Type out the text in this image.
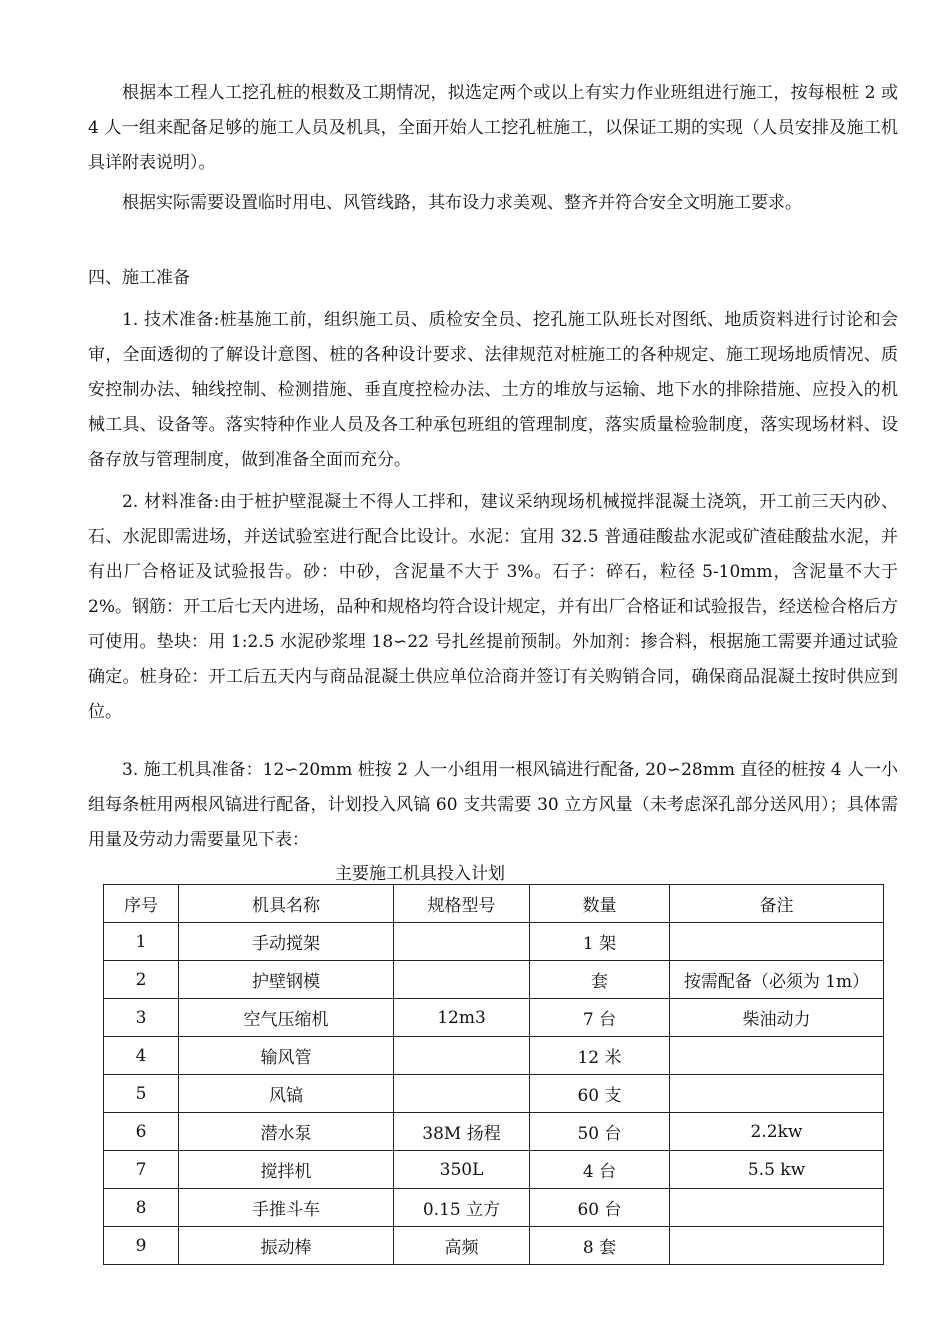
根据本工程人工挖孔桩的根数及工期情况，拟选定两个或以上有实力作业班组进行施工，按每根桩 2 或 4 人一组来配备足够的施工人员及机具，全面开始人工挖孔桩施工，以保证工期的实现（人员安排及施工机具详附表说明）。

根据实际需要设置临时用电、风管线路，其布设力求美观、整齐并符合安全文明施工要求。

四、施工准备

1. 技术准备:桩基施工前，组织施工员、质检安全员、挖孔施工队班长对图纸、地质资料进行讨论和会审，全面透彻的了解设计意图、桩的各种设计要求、法律规范对桩施工的各种规定、施工现场地质情况、质安控制办法、轴线控制、检测措施、垂直度控检办法、土方的堆放与运输、地下水的排除措施、应投入的机械工具、设备等。落实特种作业人员及各工种承包班组的管理制度，落实质量检验制度，落实现场材料、设备存放与管理制度，做到准备全面而充分。

2. 材料准备:由于桩护壁混凝土不得人工拌和，建议采纳现场机械搅拌混凝土浇筑，开工前三天内砂、石、水泥即需进场，并送试验室进行配合比设计。水泥：宜用 32.5 普通硅酸盐水泥或矿渣硅酸盐水泥，并有出厂合格证及试验报告。砂：中砂，含泥量不大于 3%。石子：碎石，粒径 5-10mm，含泥量不大于 2%。钢筋：开工后七天内进场，品种和规格均符合设计规定，并有出厂合格证和试验报告，经送检合格后方可使用。垫块：用 1:2.5 水泥砂浆埋 18∽22 号扎丝提前预制。外加剂：掺合料，根据施工需要并通过试验确定。桩身砼：开工后五天内与商品混凝土供应单位洽商并签订有关购销合同，确保商品混凝土按时供应到位。

3. 施工机具准备：12∽20mm 桩按 2 人一小组用一根风镐进行配备, 20∽28mm 直径的桩按 4 人一小组每条桩用两根风镐进行配备，计划投入风镐 60 支共需要 30 立方风量（未考虑深孔部分送风用）；具体需用量及劳动力需要量见下表：

主要施工机具投入计划
序号	机具名称	规格型号	数量	备注
1	手动搅架		1 架	
2	护壁钢模		套	按需配备（必须为 1m）
3	空气压缩机	12m3	7 台	柴油动力
4	输风管		12 米	
5	风镐		60 支	
6	潜水泵	38M 扬程	50 台	2.2kw
7	搅拌机	350L	4 台	5.5 kw
8	手推斗车	0.15 立方	60 台	
9	振动棒	高频	8 套	
